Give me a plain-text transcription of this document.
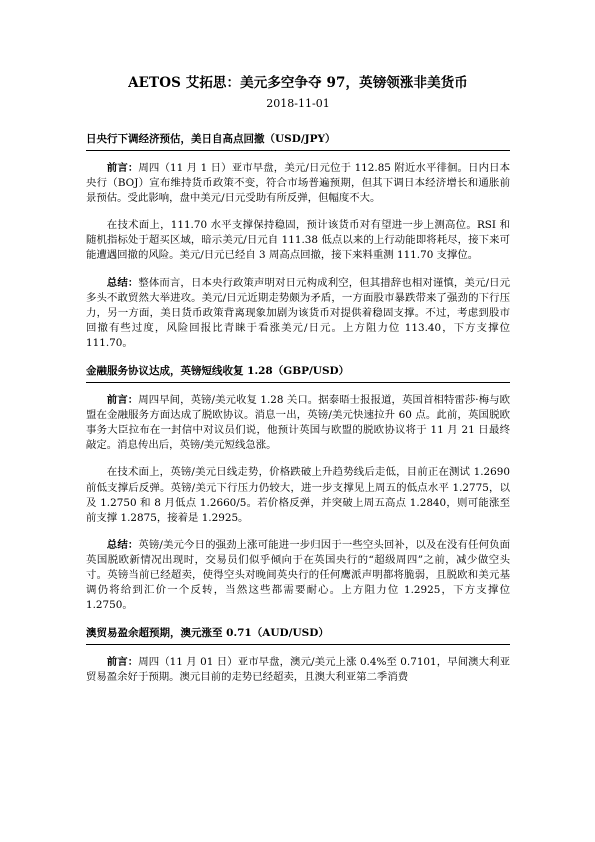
AETOS 艾拓思：美元多空争夺 97，英镑领涨非美货币
2018-11-01
日央行下调经济预估，美日自高点回撤（USD/JPY）

前言：周四（11 月 1 日）亚市早盘，美元/日元位于 112.85 附近水平徘徊。日内日本央行（BOJ）宣布维持货币政策不变，符合市场普遍预期，但其下调日本经济增长和通胀前景预估。受此影响，盘中美元/日元受助有所反弹，但幅度不大。

在技术面上，111.70 水平支撑保持稳固，预计该货币对有望进一步上测高位。RSI 和随机指标处于超买区域，暗示美元/日元自 111.38 低点以来的上行动能即将耗尽，接下来可能遭遇回撤的风险。美元/日元已经自 3 周高点回撤，接下来料重测 111.70 支撑位。

总结：整体而言，日本央行政策声明对日元构成利空，但其措辞也相对谨慎，美元/日元多头不敢贸然大举进攻。美元/日元近期走势颇为矛盾，一方面股市暴跌带来了强劲的下行压力，另一方面，美日货币政策背离现象加剧为该货币对提供着稳固支撑。不过，考虑到股市回撤有些过度，风险回报比青睐于看涨美元/日元。上方阻力位 113.40，下方支撑位 111.70。

金融服务协议达成，英镑短线收复 1.28（GBP/USD）

前言：周四早间，英镑/美元收复 1.28 关口。据泰晤士报报道，英国首相特雷莎·梅与欧盟在金融服务方面达成了脱欧协议。消息一出，英镑/美元快速拉升 60 点。此前，英国脱欧事务大臣拉布在一封信中对议员们说，他预计英国与欧盟的脱欧协议将于 11 月 21 日最终敲定。消息传出后，英镑/美元短线急涨。

在技术面上，英镑/美元日线走势，价格跌破上升趋势线后走低，目前正在测试 1.2690 前低支撑后反弹。英镑/美元下行压力仍较大，进一步支撑见上周五的低点水平 1.2775，以及 1.2750 和 8 月低点 1.2660/5。若价格反弹，并突破上周五高点 1.2840，则可能涨至前支撑 1.2875，接着是 1.2925。

总结：英镑/美元今日的强劲上涨可能进一步归因于一些空头回补，以及在没有任何负面英国脱欧新情况出现时，交易员们似乎倾向于在英国央行的“超级周四”之前，减少做空头寸。英镑当前已经超卖，使得空头对晚间英央行的任何鹰派声明都将脆弱，且脱欧和美元基调仍将给到汇价一个反转，当然这些都需要耐心。上方阻力位 1.2925，下方支撑位 1.2750。

澳贸易盈余超预期，澳元涨至 0.71（AUD/USD）

前言：周四（11 月 01 日）亚市早盘，澳元/美元上涨 0.4%至 0.7101，早间澳大利亚贸易盈余好于预期。澳元目前的走势已经超卖，且澳大利亚第二季消费
